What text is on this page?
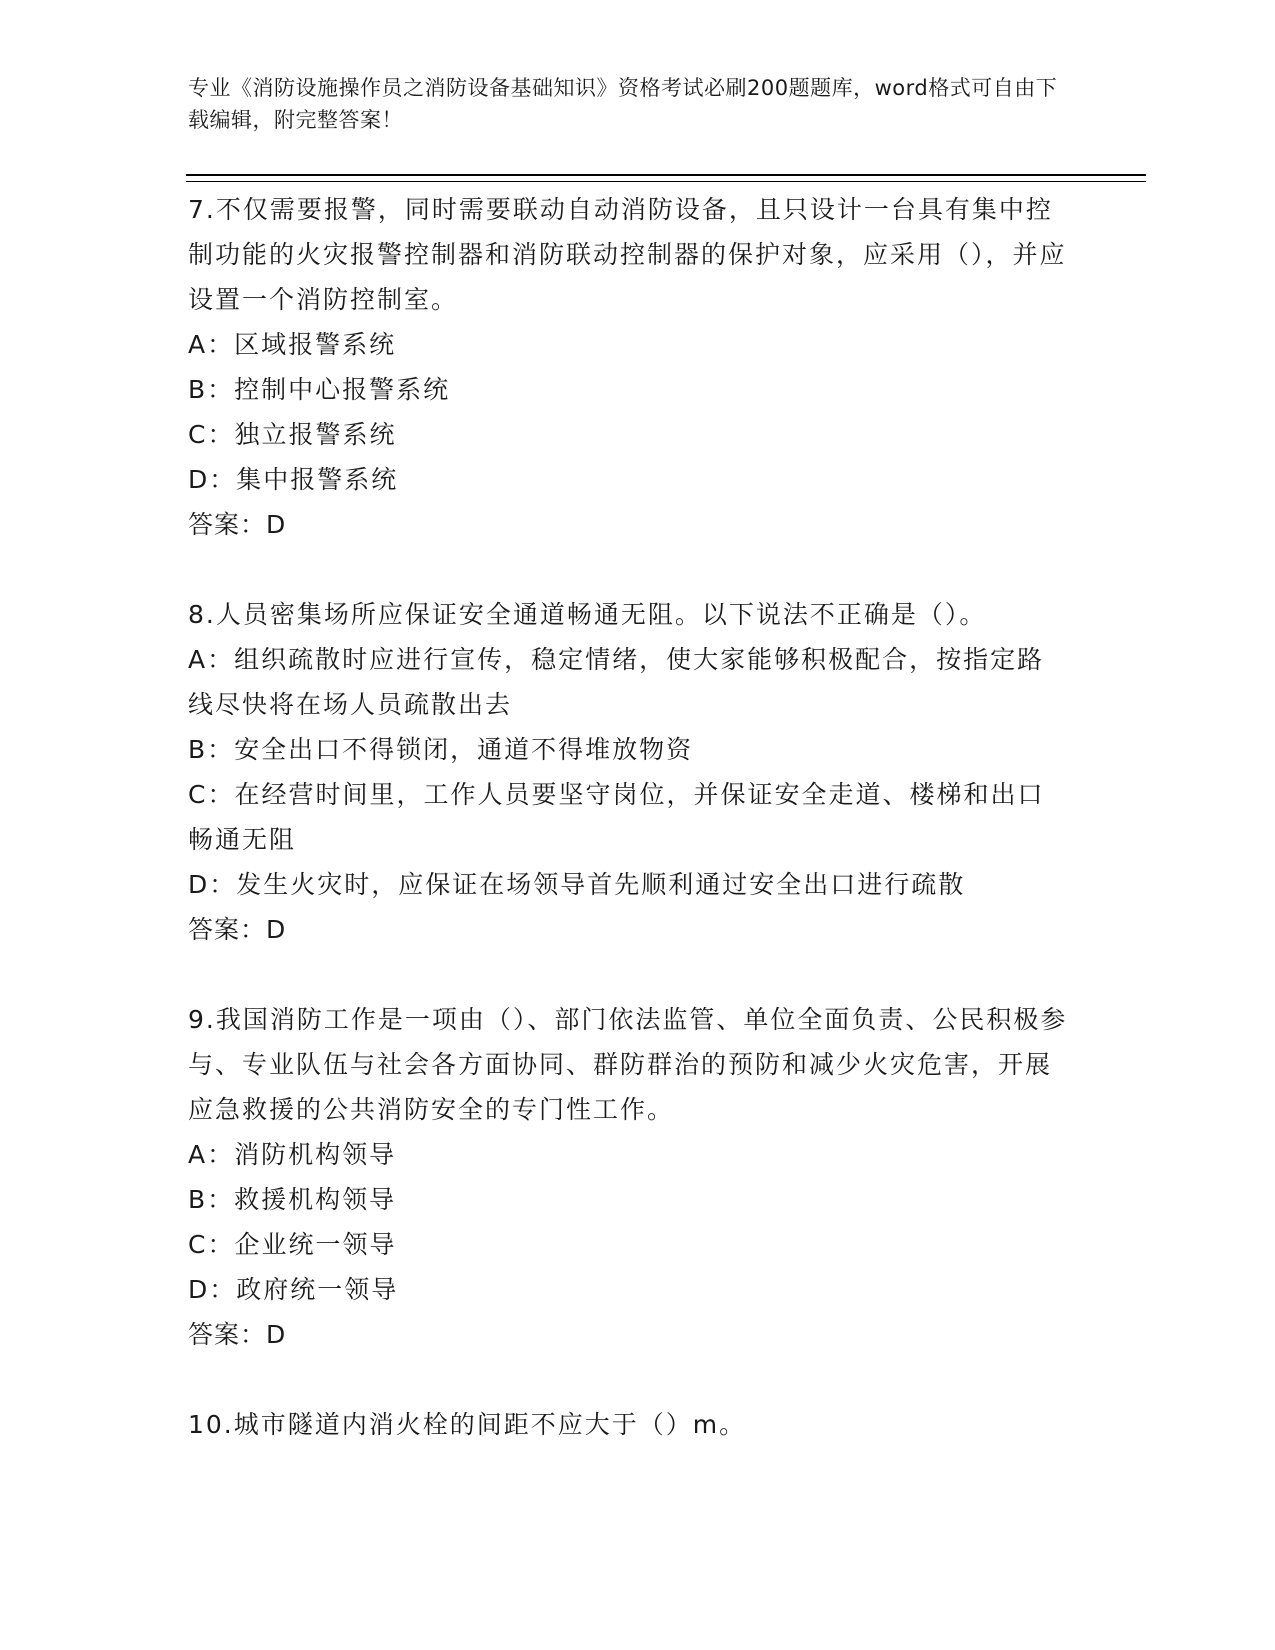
专业《消防设施操作员之消防设备基础知识》资格考试必刷200题题库，word格式可自由下载编辑，附完整答案！

7.不仅需要报警，同时需要联动自动消防设备，且只设计一台具有集中控制功能的火灾报警控制器和消防联动控制器的保护对象，应采用（），并应设置一个消防控制室。

A：区域报警系统

B：控制中心报警系统

C：独立报警系统

D：集中报警系统

答案：D

8.人员密集场所应保证安全通道畅通无阻。以下说法不正确是（）。

A：组织疏散时应进行宣传，稳定情绪，使大家能够积极配合，按指定路线尽快将在场人员疏散出去

B：安全出口不得锁闭，通道不得堆放物资

C：在经营时间里，工作人员要坚守岗位，并保证安全走道、楼梯和出口畅通无阻

D：发生火灾时，应保证在场领导首先顺利通过安全出口进行疏散

答案：D

9.我国消防工作是一项由（）、部门依法监管、单位全面负责、公民积极参与、专业队伍与社会各方面协同、群防群治的预防和减少火灾危害，开展应急救援的公共消防安全的专门性工作。

A：消防机构领导

B：救援机构领导

C：企业统一领导

D：政府统一领导

答案：D

10.城市隧道内消火栓的间距不应大于（）m。
